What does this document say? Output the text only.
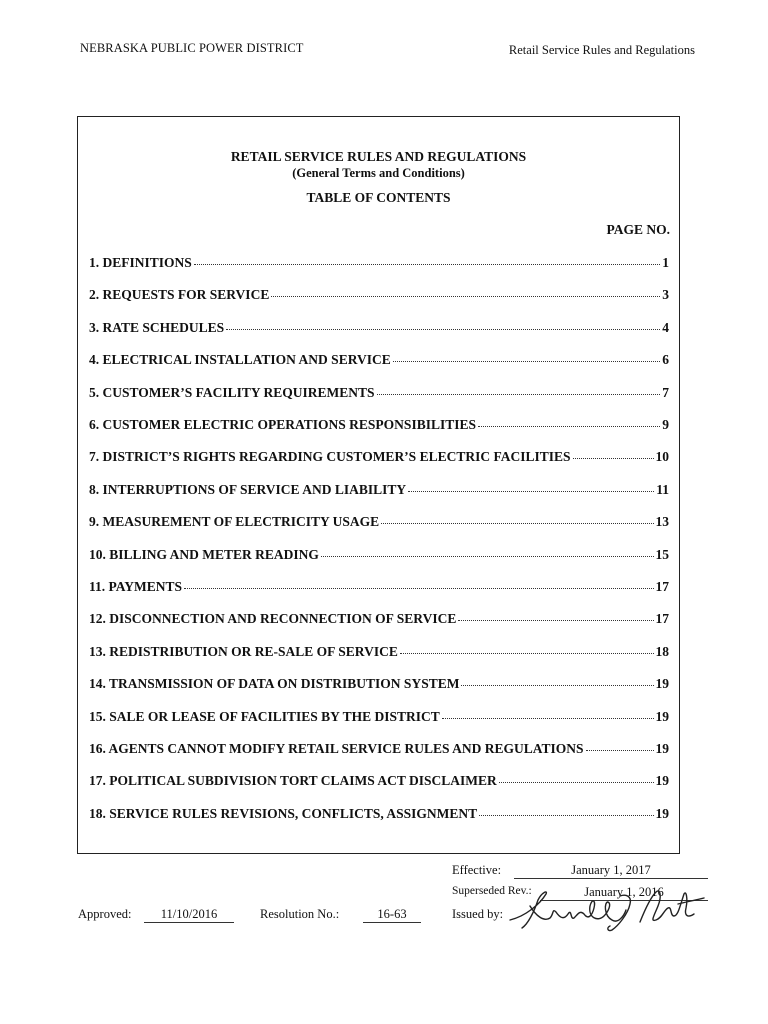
NEBRASKA PUBLIC POWER DISTRICT	Retail Service Rules and Regulations
RETAIL SERVICE RULES AND REGULATIONS
(General Terms and Conditions)
TABLE OF CONTENTS
PAGE NO.
1. DEFINITIONS	1
2. REQUESTS FOR SERVICE	3
3. RATE SCHEDULES	4
4. ELECTRICAL INSTALLATION AND SERVICE	6
5. CUSTOMER’S FACILITY REQUIREMENTS	7
6. CUSTOMER ELECTRIC OPERATIONS RESPONSIBILITIES	9
7. DISTRICT’S RIGHTS REGARDING CUSTOMER’S ELECTRIC FACILITIES	10
8. INTERRUPTIONS OF SERVICE AND LIABILITY	11
9. MEASUREMENT OF ELECTRICITY USAGE	13
10. BILLING AND METER READING	15
11. PAYMENTS	17
12. DISCONNECTION AND RECONNECTION OF SERVICE	17
13. REDISTRIBUTION OR RE-SALE OF SERVICE	18
14. TRANSMISSION OF DATA ON DISTRIBUTION SYSTEM	19
15. SALE OR LEASE OF FACILITIES BY THE DISTRICT	19
16. AGENTS CANNOT MODIFY RETAIL SERVICE RULES AND REGULATIONS	19
17. POLITICAL SUBDIVISION TORT CLAIMS ACT DISCLAIMER	19
18. SERVICE RULES REVISIONS, CONFLICTS, ASSIGNMENT	19
Effective:	January 1, 2017
Superseded Rev.:	January 1, 2016
Issued by:
Approved:	11/10/2016	Resolution No.:	16-63
